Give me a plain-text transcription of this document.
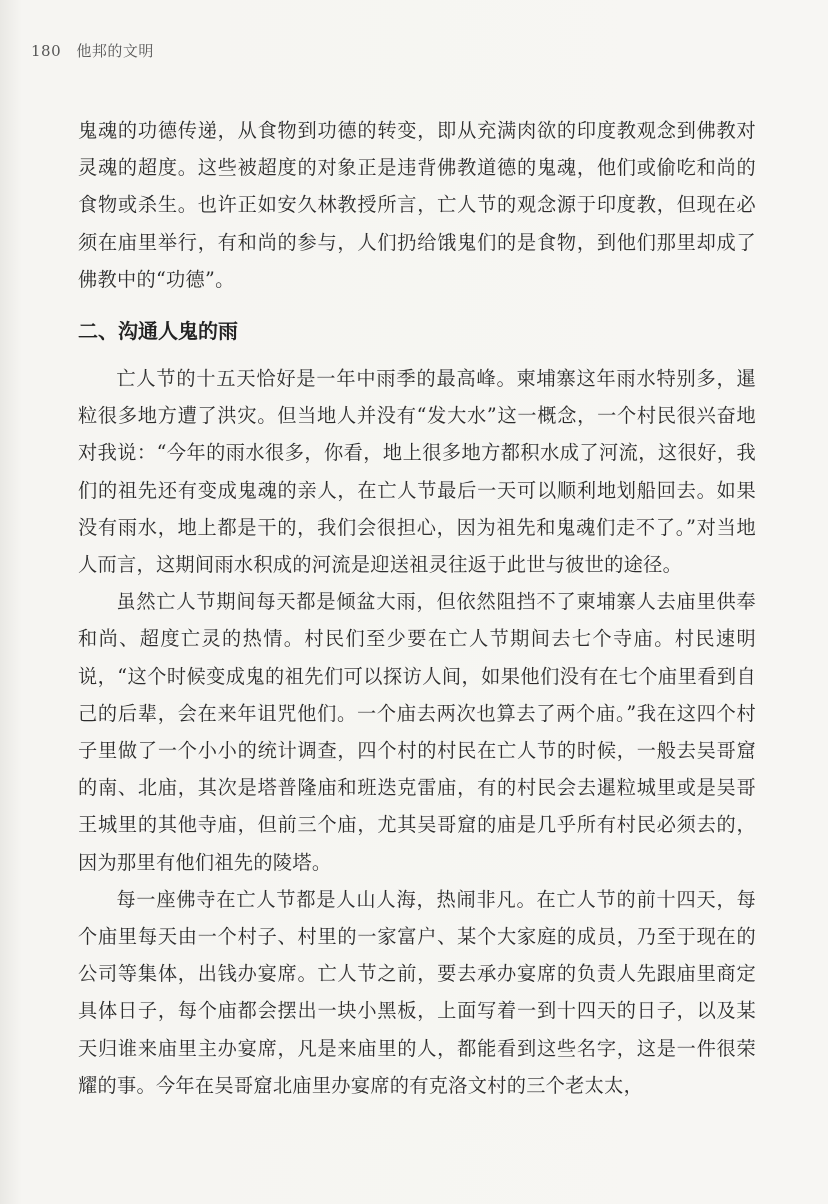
180 他邦的文明

鬼魂的功德传递，从食物到功德的转变，即从充满肉欲的印度教观念到佛教对灵魂的超度。这些被超度的对象正是违背佛教道德的鬼魂，他们或偷吃和尚的食物或杀生。也许正如安久林教授所言，亡人节的观念源于印度教，但现在必须在庙里举行，有和尚的参与，人们扔给饿鬼们的是食物，到他们那里却成了佛教中的“功德”。

二、沟通人鬼的雨

亡人节的十五天恰好是一年中雨季的最高峰。柬埔寨这年雨水特别多，暹粒很多地方遭了洪灾。但当地人并没有“发大水”这一概念，一个村民很兴奋地对我说：“今年的雨水很多，你看，地上很多地方都积水成了河流，这很好，我们的祖先还有变成鬼魂的亲人，在亡人节最后一天可以顺利地划船回去。如果没有雨水，地上都是干的，我们会很担心，因为祖先和鬼魂们走不了。”对当地人而言，这期间雨水积成的河流是迎送祖灵往返于此世与彼世的途径。

虽然亡人节期间每天都是倾盆大雨，但依然阻挡不了柬埔寨人去庙里供奉和尚、超度亡灵的热情。村民们至少要在亡人节期间去七个寺庙。村民速明说，“这个时候变成鬼的祖先们可以探访人间，如果他们没有在七个庙里看到自己的后辈，会在来年诅咒他们。一个庙去两次也算去了两个庙。”我在这四个村子里做了一个小小的统计调查，四个村的村民在亡人节的时候，一般去吴哥窟的南、北庙，其次是塔普隆庙和班迭克雷庙，有的村民会去暹粒城里或是吴哥王城里的其他寺庙，但前三个庙，尤其吴哥窟的庙是几乎所有村民必须去的，因为那里有他们祖先的陵塔。

每一座佛寺在亡人节都是人山人海，热闹非凡。在亡人节的前十四天，每个庙里每天由一个村子、村里的一家富户、某个大家庭的成员，乃至于现在的公司等集体，出钱办宴席。亡人节之前，要去承办宴席的负责人先跟庙里商定具体日子，每个庙都会摆出一块小黑板，上面写着一到十四天的日子，以及某天归谁来庙里主办宴席，凡是来庙里的人，都能看到这些名字，这是一件很荣耀的事。今年在吴哥窟北庙里办宴席的有克洛文村的三个老太太，
